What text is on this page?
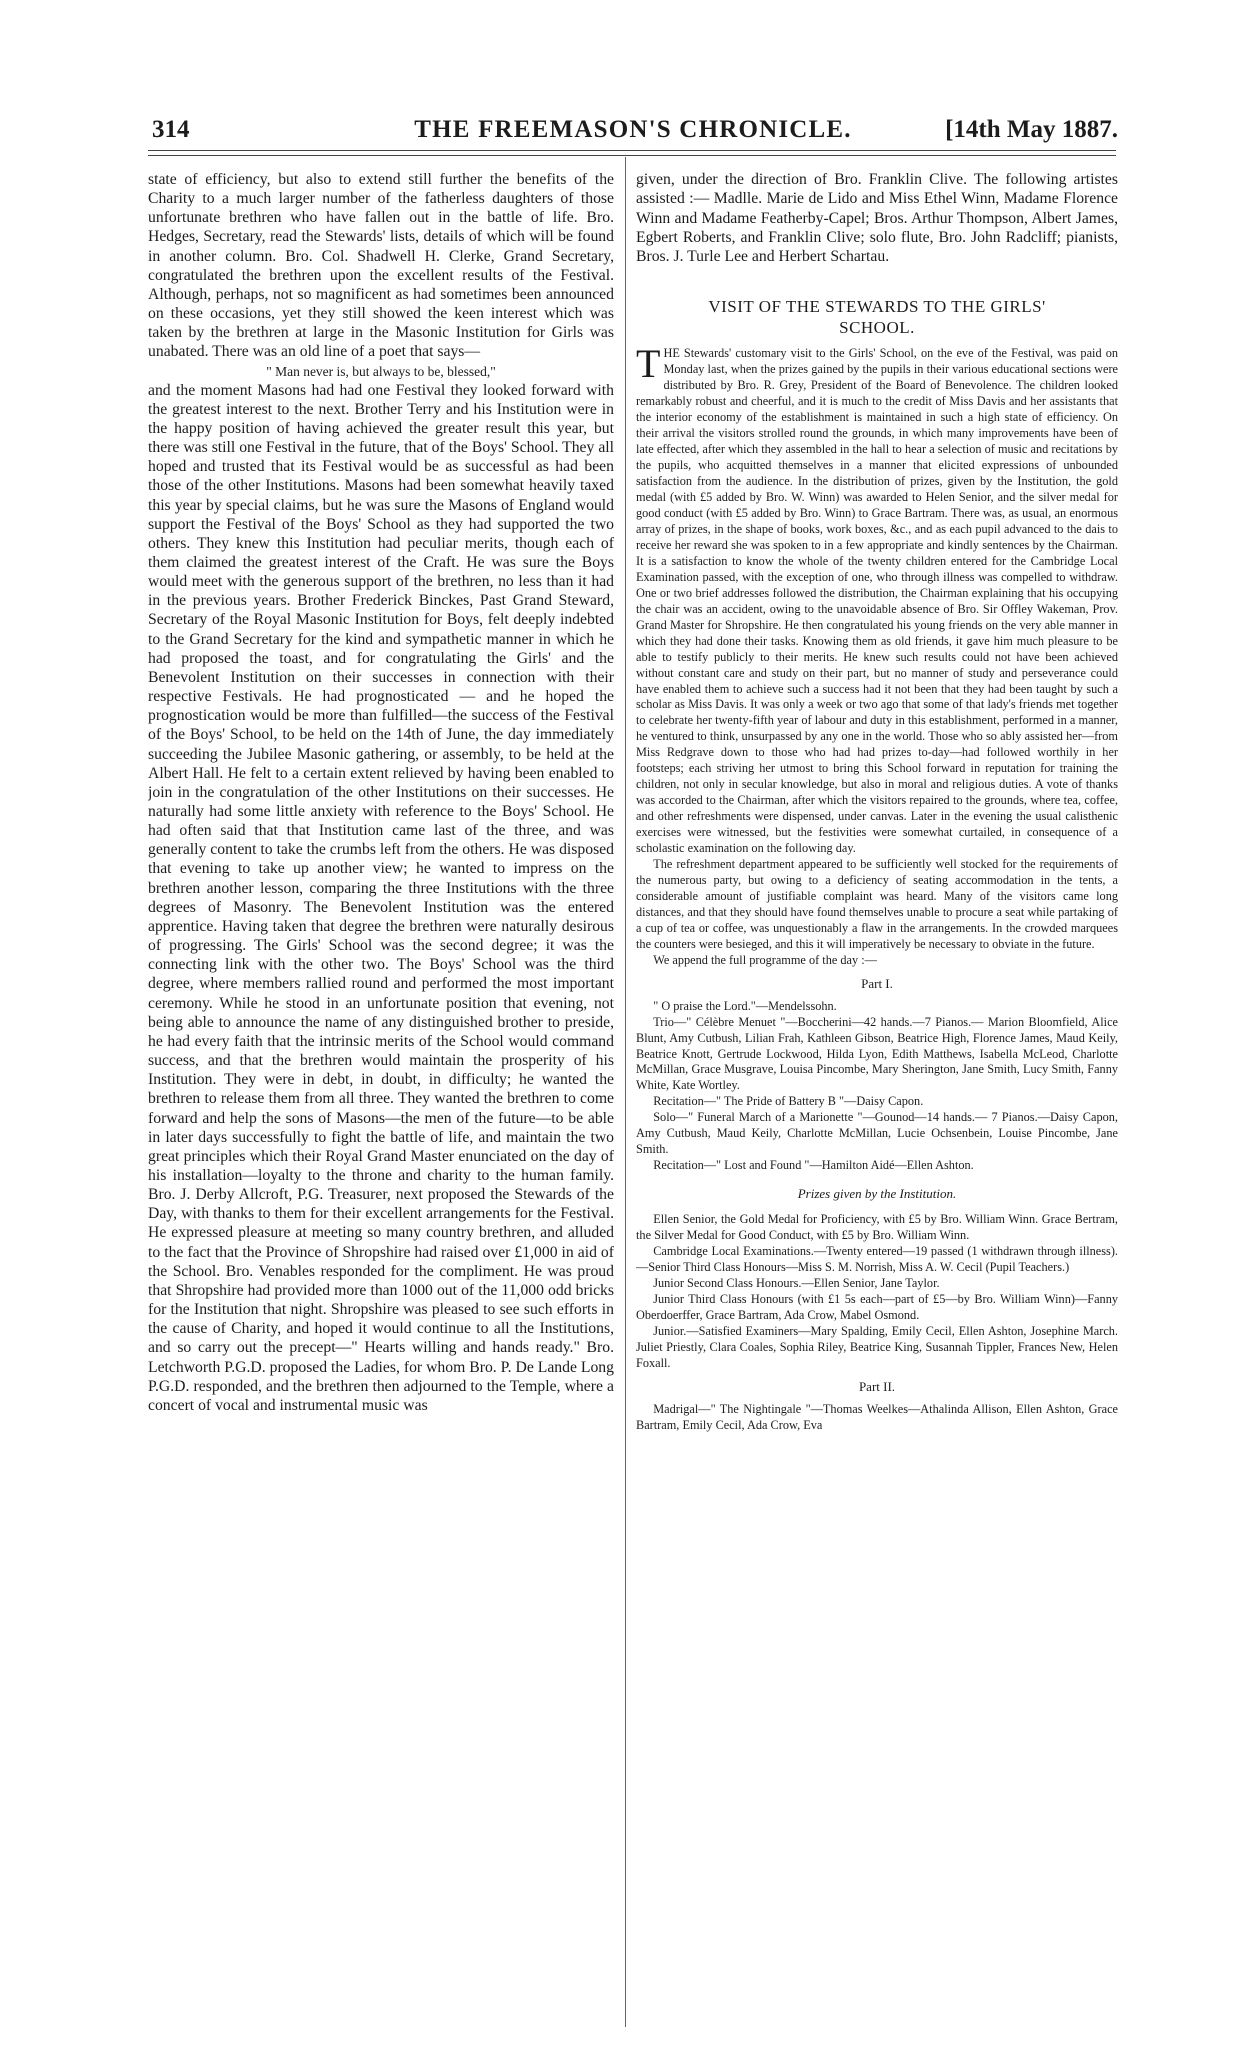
314	THE FREEMASON'S CHRONICLE.	[14th May 1887.

state of efficiency, but also to extend still further the benefits of the Charity to a much larger number of the fatherless daughters of those unfortunate brethren who have fallen out in the battle of life. Bro. Hedges, Secretary, read the Stewards' lists, details of which will be found in another column. Bro. Col. Shadwell H. Clerke, Grand Secretary, congratulated the brethren upon the excellent results of the Festival. Although, perhaps, not so magnificent as had sometimes been announced on these occasions, yet they still showed the keen interest which was taken by the brethren at large in the Masonic Institution for Girls was unabated. There was an old line of a poet that says—

" Man never is, but always to be, blessed,"

and the moment Masons had had one Festival they looked forward with the greatest interest to the next. Brother Terry and his Institution were in the happy position of having achieved the greater result this year, but there was still one Festival in the future, that of the Boys' School. They all hoped and trusted that its Festival would be as successful as had been those of the other Institutions. Masons had been somewhat heavily taxed this year by special claims, but he was sure the Masons of England would support the Festival of the Boys' School as they had supported the two others. They knew this Institution had peculiar merits, though each of them claimed the greatest interest of the Craft. He was sure the Boys would meet with the generous support of the brethren, no less than it had in the previous years. Brother Frederick Binckes, Past Grand Steward, Secretary of the Royal Masonic Institution for Boys, felt deeply indebted to the Grand Secretary for the kind and sympathetic manner in which he had proposed the toast, and for congratulating the Girls' and the Benevolent Institution on their successes in connection with their respective Festivals. He had prognosticated — and he hoped the prognostication would be more than fulfilled—the success of the Festival of the Boys' School, to be held on the 14th of June, the day immediately succeeding the Jubilee Masonic gathering, or assembly, to be held at the Albert Hall. He felt to a certain extent relieved by having been enabled to join in the congratulation of the other Institutions on their successes. He naturally had some little anxiety with reference to the Boys' School. He had often said that that Institution came last of the three, and was generally content to take the crumbs left from the others. He was disposed that evening to take up another view; he wanted to impress on the brethren another lesson, comparing the three Institutions with the three degrees of Masonry. The Benevolent Institution was the entered apprentice. Having taken that degree the brethren were naturally desirous of progressing. The Girls' School was the second degree; it was the connecting link with the other two. The Boys' School was the third degree, where members rallied round and performed the most important ceremony. While he stood in an unfortunate position that evening, not being able to announce the name of any distinguished brother to preside, he had every faith that the intrinsic merits of the School would command success, and that the brethren would maintain the prosperity of his Institution. They were in debt, in doubt, in difficulty; he wanted the brethren to release them from all three. They wanted the brethren to come forward and help the sons of Masons—the men of the future—to be able in later days successfully to fight the battle of life, and maintain the two great principles which their Royal Grand Master enunciated on the day of his installation—loyalty to the throne and charity to the human family. Bro. J. Derby Allcroft, P.G. Treasurer, next proposed the Stewards of the Day, with thanks to them for their excellent arrangements for the Festival. He expressed pleasure at meeting so many country brethren, and alluded to the fact that the Province of Shropshire had raised over £1,000 in aid of the School. Bro. Venables responded for the compliment. He was proud that Shropshire had provided more than 1000 out of the 11,000 odd bricks for the Institution that night. Shropshire was pleased to see such efforts in the cause of Charity, and hoped it would continue to all the Institutions, and so carry out the precept—" Hearts willing and hands ready." Bro. Letchworth P.G.D. proposed the Ladies, for whom Bro. P. De Lande Long P.G.D. responded, and the brethren then adjourned to the Temple, where a concert of vocal and instrumental music was

given, under the direction of Bro. Franklin Clive. The following artistes assisted :— Madlle. Marie de Lido and Miss Ethel Winn, Madame Florence Winn and Madame Featherby-Capel; Bros. Arthur Thompson, Albert James, Egbert Roberts, and Franklin Clive; solo flute, Bro. John Radcliff; pianists, Bros. J. Turle Lee and Herbert Schartau.

VISIT OF THE STEWARDS TO THE GIRLS'
SCHOOL.

THE Stewards' customary visit to the Girls' School, on the eve of the Festival, was paid on Monday last, when the prizes gained by the pupils in their various educational sections were distributed by Bro. R. Grey, President of the Board of Benevolence. The children looked remarkably robust and cheerful, and it is much to the credit of Miss Davis and her assistants that the interior economy of the establishment is maintained in such a high state of efficiency. On their arrival the visitors strolled round the grounds, in which many improvements have been of late effected, after which they assembled in the hall to hear a selection of music and recitations by the pupils, who acquitted themselves in a manner that elicited expressions of unbounded satisfaction from the audience. In the distribution of prizes, given by the Institution, the gold medal (with £5 added by Bro. W. Winn) was awarded to Helen Senior, and the silver medal for good conduct (with £5 added by Bro. Winn) to Grace Bartram. There was, as usual, an enormous array of prizes, in the shape of books, work boxes, &c., and as each pupil advanced to the dais to receive her reward she was spoken to in a few appropriate and kindly sentences by the Chairman. It is a satisfaction to know the whole of the twenty children entered for the Cambridge Local Examination passed, with the exception of one, who through illness was compelled to withdraw. One or two brief addresses followed the distribution, the Chairman explaining that his occupying the chair was an accident, owing to the unavoidable absence of Bro. Sir Offley Wakeman, Prov. Grand Master for Shropshire. He then congratulated his young friends on the very able manner in which they had done their tasks. Knowing them as old friends, it gave him much pleasure to be able to testify publicly to their merits. He knew such results could not have been achieved without constant care and study on their part, but no manner of study and perseverance could have enabled them to achieve such a success had it not been that they had been taught by such a scholar as Miss Davis. It was only a week or two ago that some of that lady's friends met together to celebrate her twenty-fifth year of labour and duty in this establishment, performed in a manner, he ventured to think, unsurpassed by any one in the world. Those who so ably assisted her—from Miss Redgrave down to those who had had prizes to-day—had followed worthily in her footsteps; each striving her utmost to bring this School forward in reputation for training the children, not only in secular knowledge, but also in moral and religious duties. A vote of thanks was accorded to the Chairman, after which the visitors repaired to the grounds, where tea, coffee, and other refreshments were dispensed, under canvas. Later in the evening the usual calisthenic exercises were witnessed, but the festivities were somewhat curtailed, in consequence of a scholastic examination on the following day.

The refreshment department appeared to be sufficiently well stocked for the requirements of the numerous party, but owing to a deficiency of seating accommodation in the tents, a considerable amount of justifiable complaint was heard. Many of the visitors came long distances, and that they should have found themselves unable to procure a seat while partaking of a cup of tea or coffee, was unquestionably a flaw in the arrangements. In the crowded marquees the counters were besieged, and this it will imperatively be necessary to obviate in the future.

We append the full programme of the day :—

Part I.

" O praise the Lord."—Mendelssohn.

Trio—" Célèbre Menuet "—Boccherini—42 hands.—7 Pianos.— Marion Bloomfield, Alice Blunt, Amy Cutbush, Lilian Frah, Kathleen Gibson, Beatrice High, Florence James, Maud Keily, Beatrice Knott, Gertrude Lockwood, Hilda Lyon, Edith Matthews, Isabella McLeod, Charlotte McMillan, Grace Musgrave, Louisa Pincombe, Mary Sherington, Jane Smith, Lucy Smith, Fanny White, Kate Wortley.

Recitation—" The Pride of Battery B "—Daisy Capon.

Solo—" Funeral March of a Marionette "—Gounod—14 hands.— 7 Pianos.—Daisy Capon, Amy Cutbush, Maud Keily, Charlotte McMillan, Lucie Ochsenbein, Louise Pincombe, Jane Smith.

Recitation—" Lost and Found "—Hamilton Aidé—Ellen Ashton.

Prizes given by the Institution.

Ellen Senior, the Gold Medal for Proficiency, with £5 by Bro. William Winn. Grace Bertram, the Silver Medal for Good Conduct, with £5 by Bro. William Winn.

Cambridge Local Examinations.—Twenty entered—19 passed (1 withdrawn through illness).—Senior Third Class Honours—Miss S. M. Norrish, Miss A. W. Cecil (Pupil Teachers.)

Junior Second Class Honours.—Ellen Senior, Jane Taylor.

Junior Third Class Honours (with £1 5s each—part of £5—by Bro. William Winn)—Fanny Oberdoerffer, Grace Bartram, Ada Crow, Mabel Osmond.

Junior.—Satisfied Examiners—Mary Spalding, Emily Cecil, Ellen Ashton, Josephine March. Juliet Priestly, Clara Coales, Sophia Riley, Beatrice King, Susannah Tippler, Frances New, Helen Foxall.

Part II.

Madrigal—" The Nightingale "—Thomas Weelkes—Athalinda Allison, Ellen Ashton, Grace Bartram, Emily Cecil, Ada Crow, Eva
